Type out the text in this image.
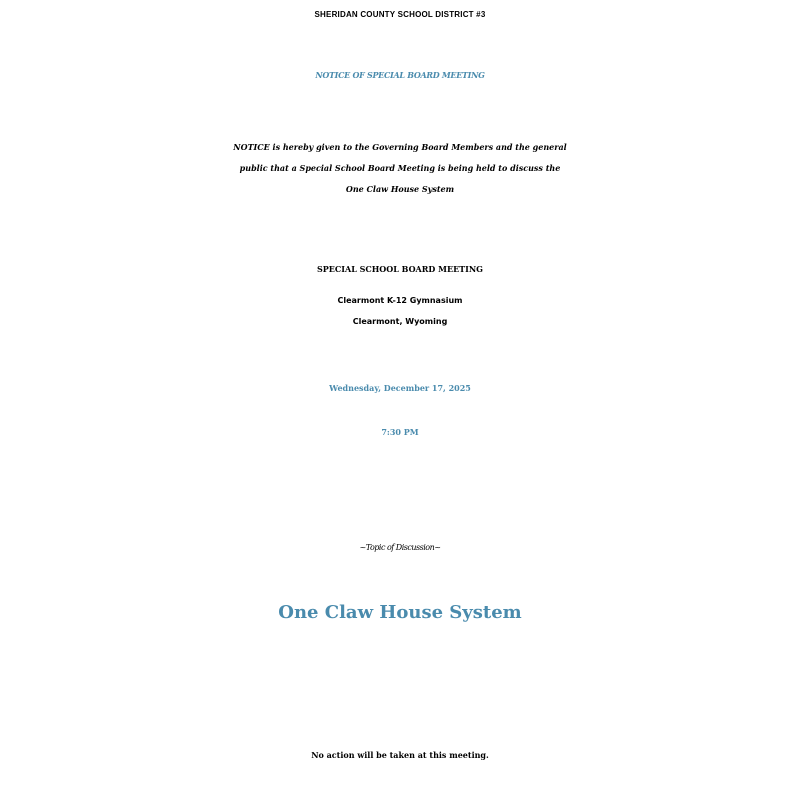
SHERIDAN COUNTY SCHOOL DISTRICT #3
NOTICE OF SPECIAL BOARD MEETING
NOTICE is hereby given to the Governing Board Members and the general
public that a Special School Board Meeting is being held to discuss the
One Claw House System
SPECIAL SCHOOL BOARD MEETING
Clearmont K-12 Gymnasium
Clearmont, Wyoming
Wednesday, December 17, 2025
7:30 PM
~Topic of Discussion~
One Claw House System
No action will be taken at this meeting.
